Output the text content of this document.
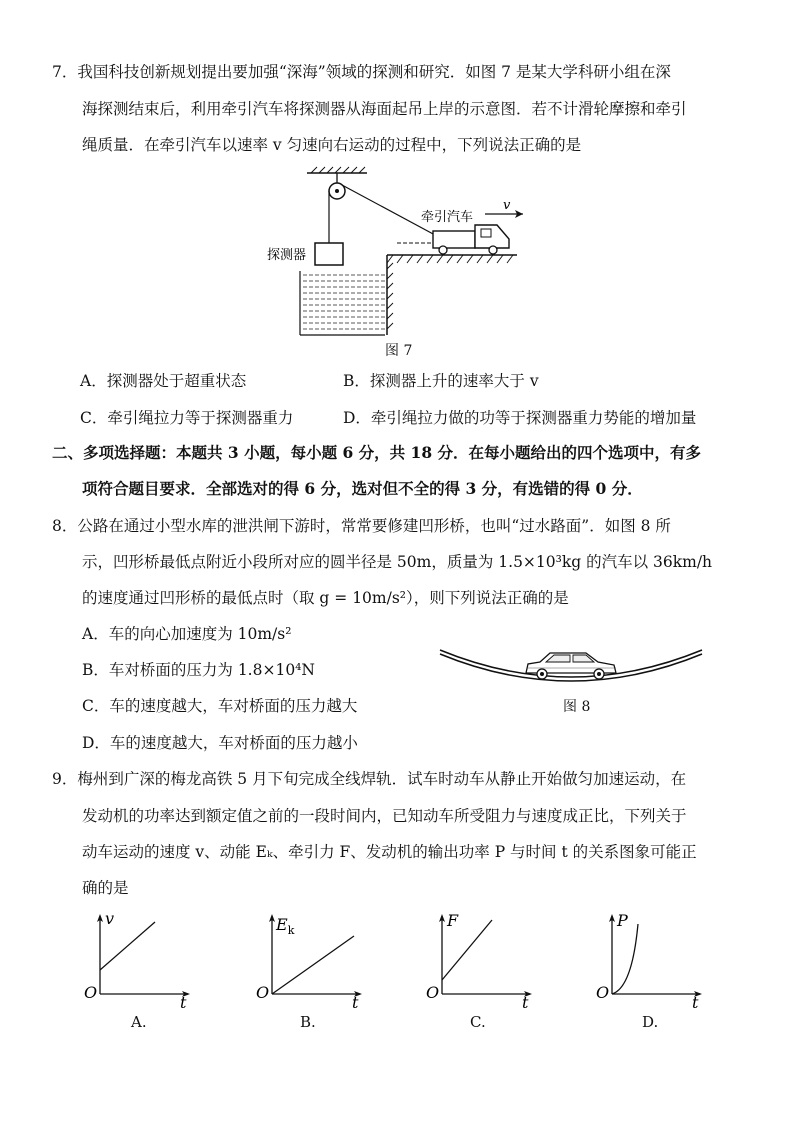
7．我国科技创新规划提出要加强“深海”领域的探测和研究．如图 7 是某大学科研小组在深
海探测结束后，利用牵引汽车将探测器从海面起吊上岸的示意图．若不计滑轮摩擦和牵引
绳质量．在牵引汽车以速率 v 匀速向右运动的过程中，下列说法正确的是
探测器
牵引汽车
v
图 7
A．探测器处于超重状态	B．探测器上升的速率大于 v
C．牵引绳拉力等于探测器重力	D．牵引绳拉力做的功等于探测器重力势能的增加量
二、多项选择题：本题共 3 小题，每小题 6 分，共 18 分．在每小题给出的四个选项中，有多
项符合题目要求．全部选对的得 6 分，选对但不全的得 3 分，有选错的得 0 分．
8．公路在通过小型水库的泄洪闸下游时，常常要修建凹形桥，也叫“过水路面”．如图 8 所
示，凹形桥最低点附近小段所对应的圆半径是 50m，质量为 1.5×10³kg 的汽车以 36km/h
的速度通过凹形桥的最低点时（取 g = 10m/s²），则下列说法正确的是
A．车的向心加速度为 10m/s²
B．车对桥面的压力为 1.8×10⁴N
C．车的速度越大，车对桥面的压力越大
D．车的速度越大，车对桥面的压力越小
图 8
9．梅州到广深的梅龙高铁 5 月下旬完成全线焊轨．试车时动车从静止开始做匀加速运动，在
发动机的功率达到额定值之前的一段时间内，已知动车所受阻力与速度成正比，下列关于
动车运动的速度 v、动能 Eₖ、牵引力 F、发动机的输出功率 P 与时间 t 的关系图象可能正
确的是
v
t
O
A.
$E_k$
t
O
B.
F
t
O
C.
P
t
O
D.
